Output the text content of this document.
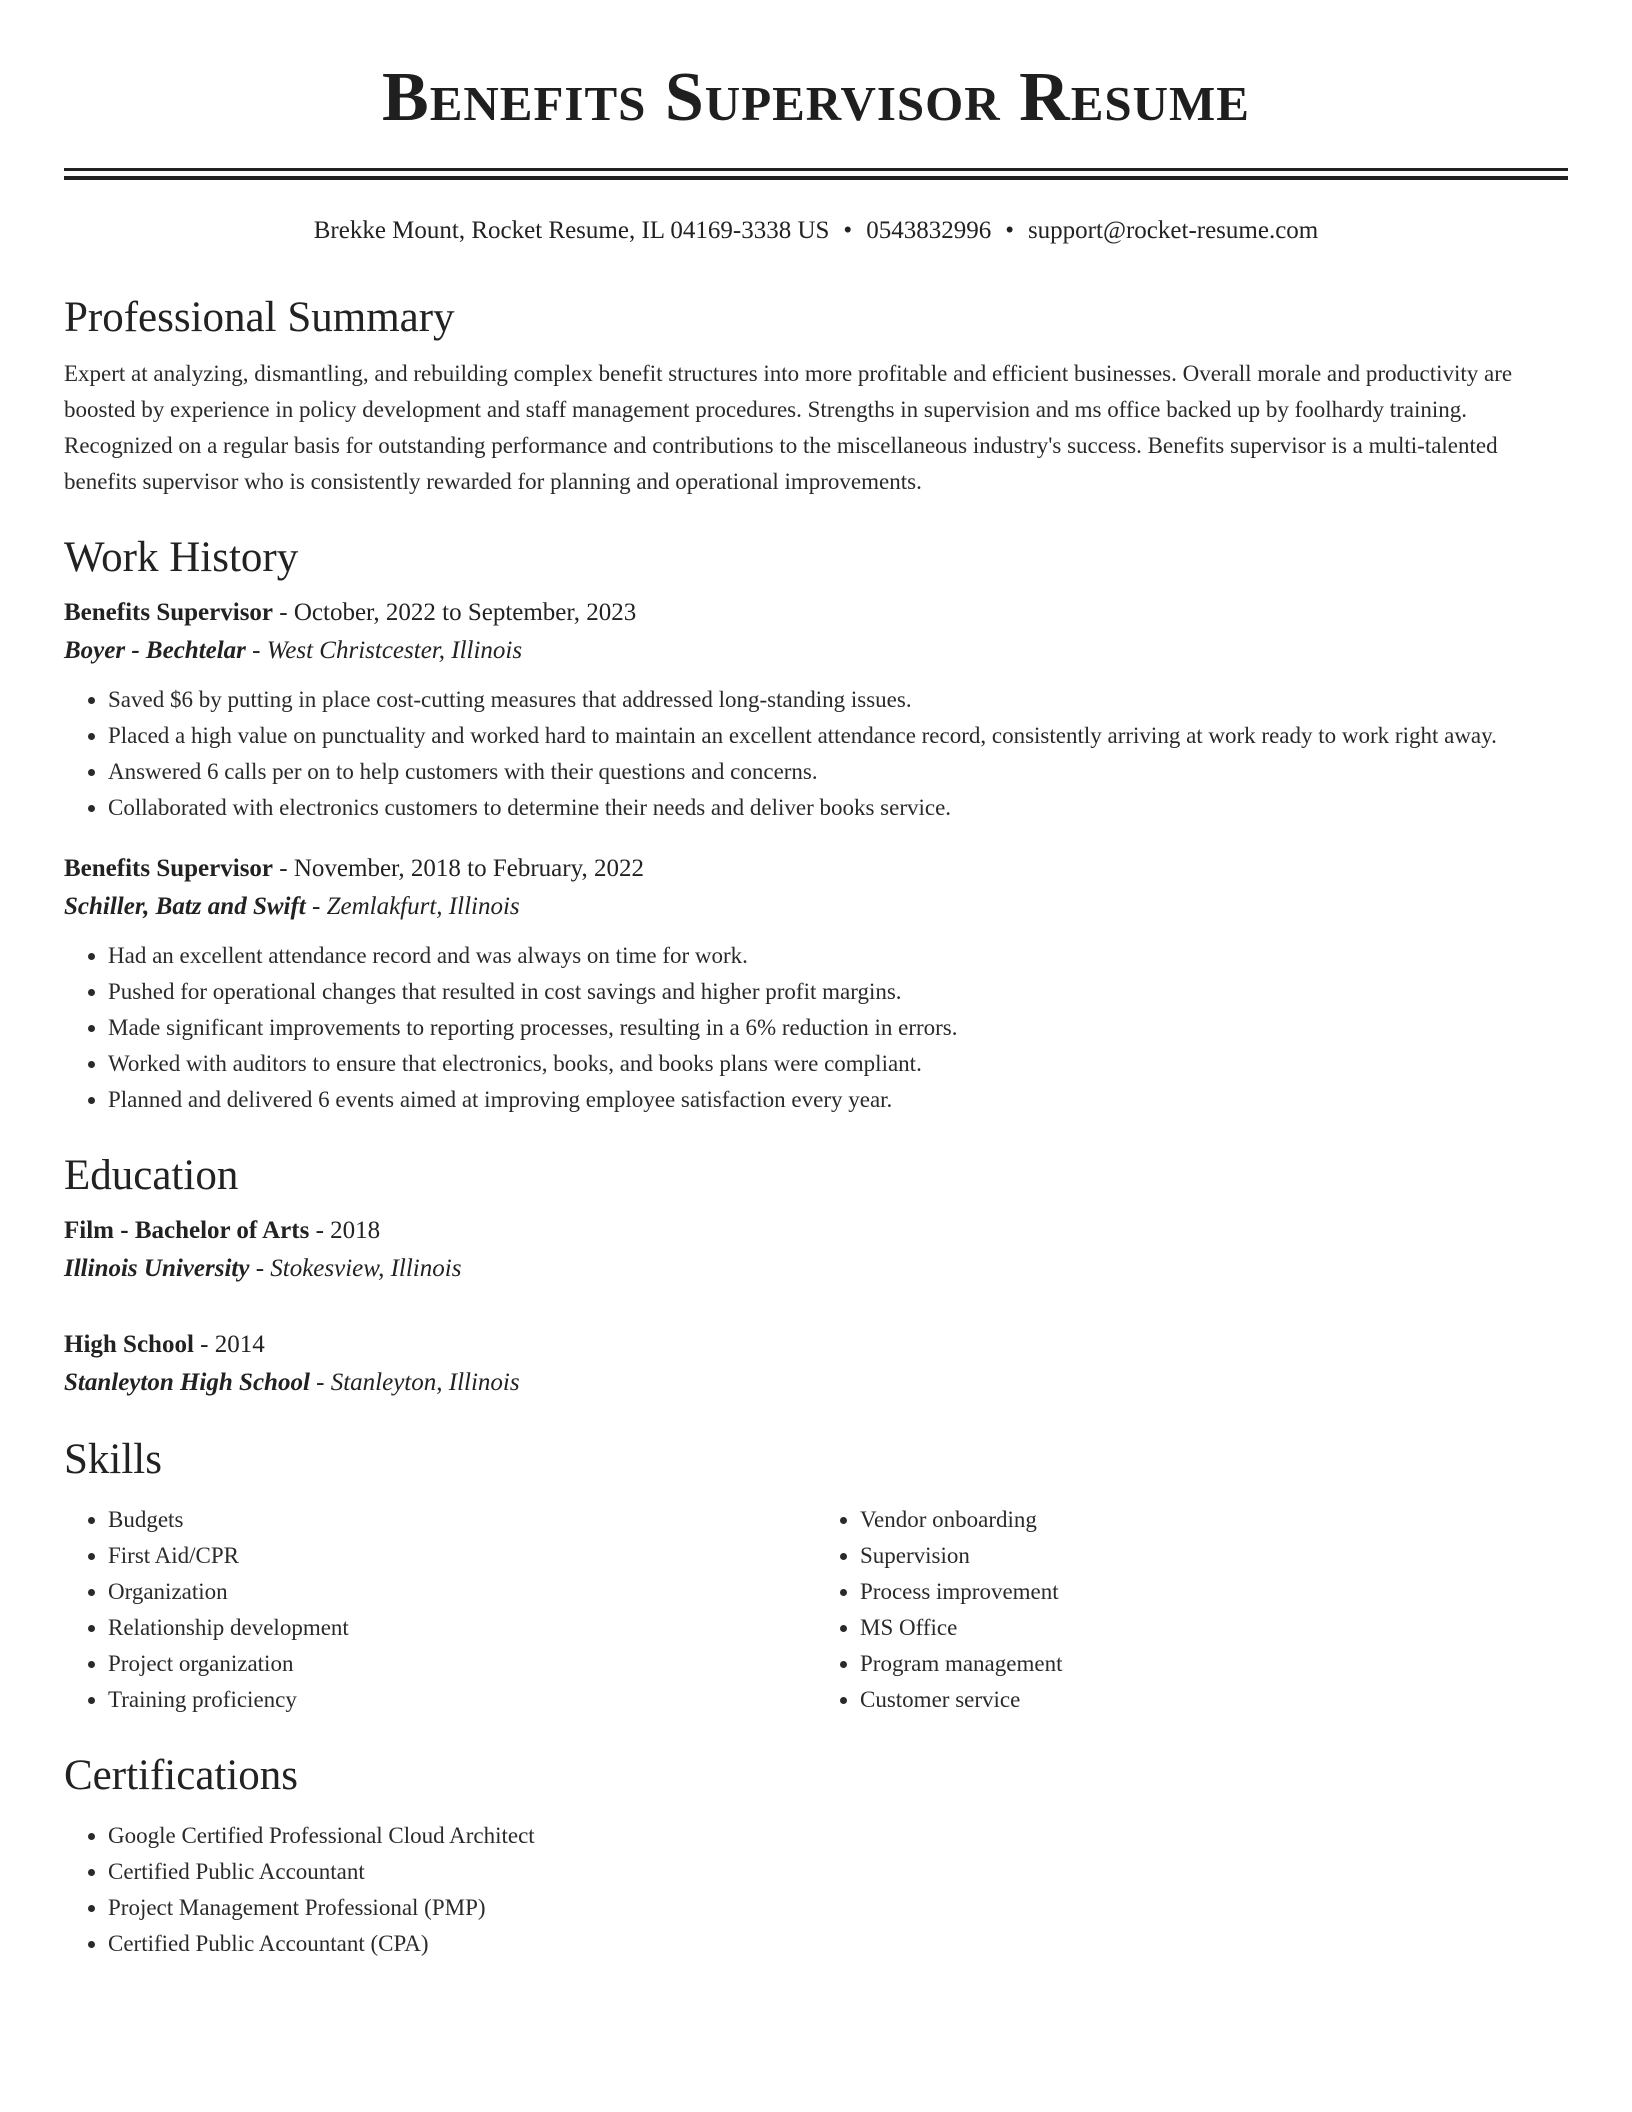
Benefits Supervisor Resume
Brekke Mount, Rocket Resume, IL 04169-3338 US • 0543832996 • support@rocket-resume.com
Professional Summary

Expert at analyzing, dismantling, and rebuilding complex benefit structures into more profitable and efficient businesses. Overall morale and productivity are boosted by experience in policy development and staff management procedures. Strengths in supervision and ms office backed up by foolhardy training. Recognized on a regular basis for outstanding performance and contributions to the miscellaneous industry's success. Benefits supervisor is a multi-talented benefits supervisor who is consistently rewarded for planning and operational improvements.

Work History
Benefits Supervisor - October, 2022 to September, 2023
Boyer - Bechtelar - West Christcester, Illinois
• Saved $6 by putting in place cost-cutting measures that addressed long-standing issues.
• Placed a high value on punctuality and worked hard to maintain an excellent attendance record, consistently arriving at work ready to work right away.
• Answered 6 calls per on to help customers with their questions and concerns.
• Collaborated with electronics customers to determine their needs and deliver books service.
Benefits Supervisor - November, 2018 to February, 2022
Schiller, Batz and Swift - Zemlakfurt, Illinois
• Had an excellent attendance record and was always on time for work.
• Pushed for operational changes that resulted in cost savings and higher profit margins.
• Made significant improvements to reporting processes, resulting in a 6% reduction in errors.
• Worked with auditors to ensure that electronics, books, and books plans were compliant.
• Planned and delivered 6 events aimed at improving employee satisfaction every year.
Education
Film - Bachelor of Arts - 2018
Illinois University - Stokesview, Illinois
High School - 2014
Stanleyton High School - Stanleyton, Illinois
Skills
• Budgets
• First Aid/CPR
• Organization
• Relationship development
• Project organization
• Training proficiency
• Vendor onboarding
• Supervision
• Process improvement
• MS Office
• Program management
• Customer service
Certifications
• Google Certified Professional Cloud Architect
• Certified Public Accountant
• Project Management Professional (PMP)
• Certified Public Accountant (CPA)
